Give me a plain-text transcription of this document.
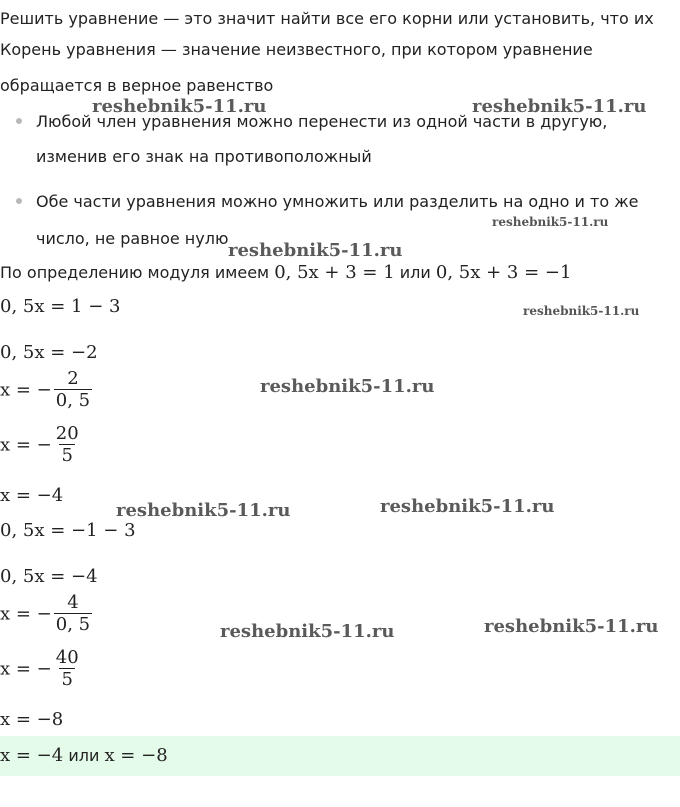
Решить уравнение — это значит найти все его корни или установить, что их
Корень уравнения — значение неизвестного, при котором уравнение
обращается в верное равенство
Любой член уравнения можно перенести из одной части в другую,
изменив его знак на противоположный
Обе части уравнения можно умножить или разделить на одно и то же
число, не равное нулю
По определению модуля имеем 0, 5x + 3 = 1 или 0, 5x + 3 = −1
0, 5x = 1 − 3
0, 5x = −2
x = − $\frac{2}{0, 5}$
x = − $\frac{20}{5}$
x = −4
0, 5x = −1 − 3
0, 5x = −4
x = − $\frac{4}{0, 5}$
x = − $\frac{40}{5}$
x = −8
x = −4 или x = −8
reshebnik5-11.ru	reshebnik5-11.ru
reshebnik5-11.ru
reshebnik5-11.ru
reshebnik5-11.ru
reshebnik5-11.ru
reshebnik5-11.ru	reshebnik5-11.ru
reshebnik5-11.ru	reshebnik5-11.ru
